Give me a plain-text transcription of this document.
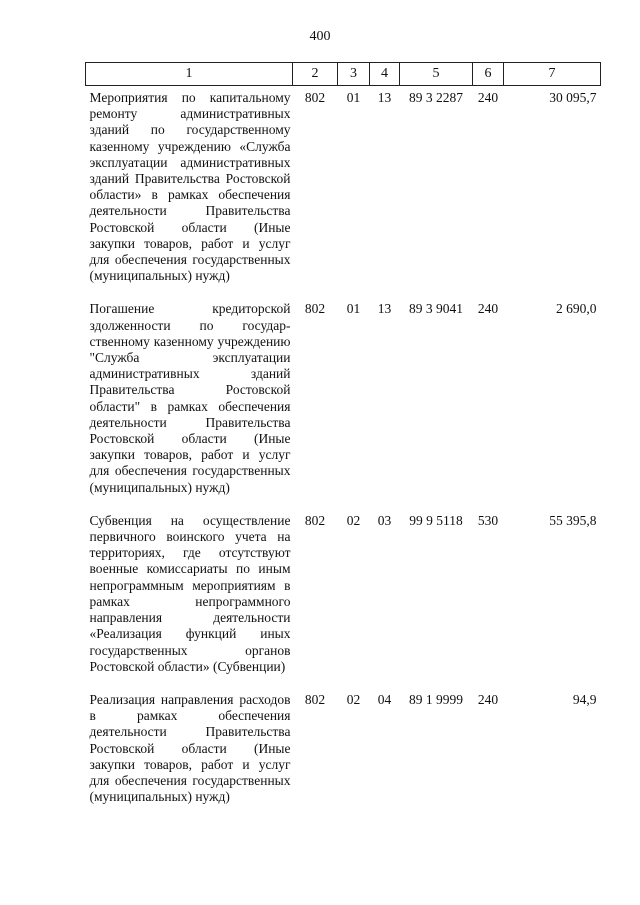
400
1	2	3	4	5	6	7
Мероприятия по капитальному ремонту административных зданий по государственному казенному учреждению «Служба эксплуатации административных зданий Правительства Ростовской области» в рамках обеспечения деятельности Правительства Ростовской области (Иные закупки товаров, работ и услуг для обеспечения государственных (муниципальных) нужд)	802	01	13	89 3 2287	240	30 095,7
Погашение кредиторской здолженности по государственному казенному учреждению "Служба эксплуатации административных зданий Правительства Ростовской области" в рамках обеспечения деятельности Правительства Ростовской области (Иные закупки товаров, работ и услуг для обеспечения государственных (муниципальных) нужд)	802	01	13	89 3 9041	240	2 690,0
Субвенция на осуществление первичного воинского учета на территориях, где отсутствуют военные комиссариаты по иным непрограммным мероприятиям в рамках непрограммного направления деятельности «Реализация функций иных государственных органов Ростовской области» (Субвенции)	802	02	03	99 9 5118	530	55 395,8
Реализация направления расходов в рамках обеспечения деятельности Правительства Ростовской области (Иные закупки товаров, работ и услуг для обеспечения государственных (муниципальных) нужд)	802	02	04	89 1 9999	240	94,9
